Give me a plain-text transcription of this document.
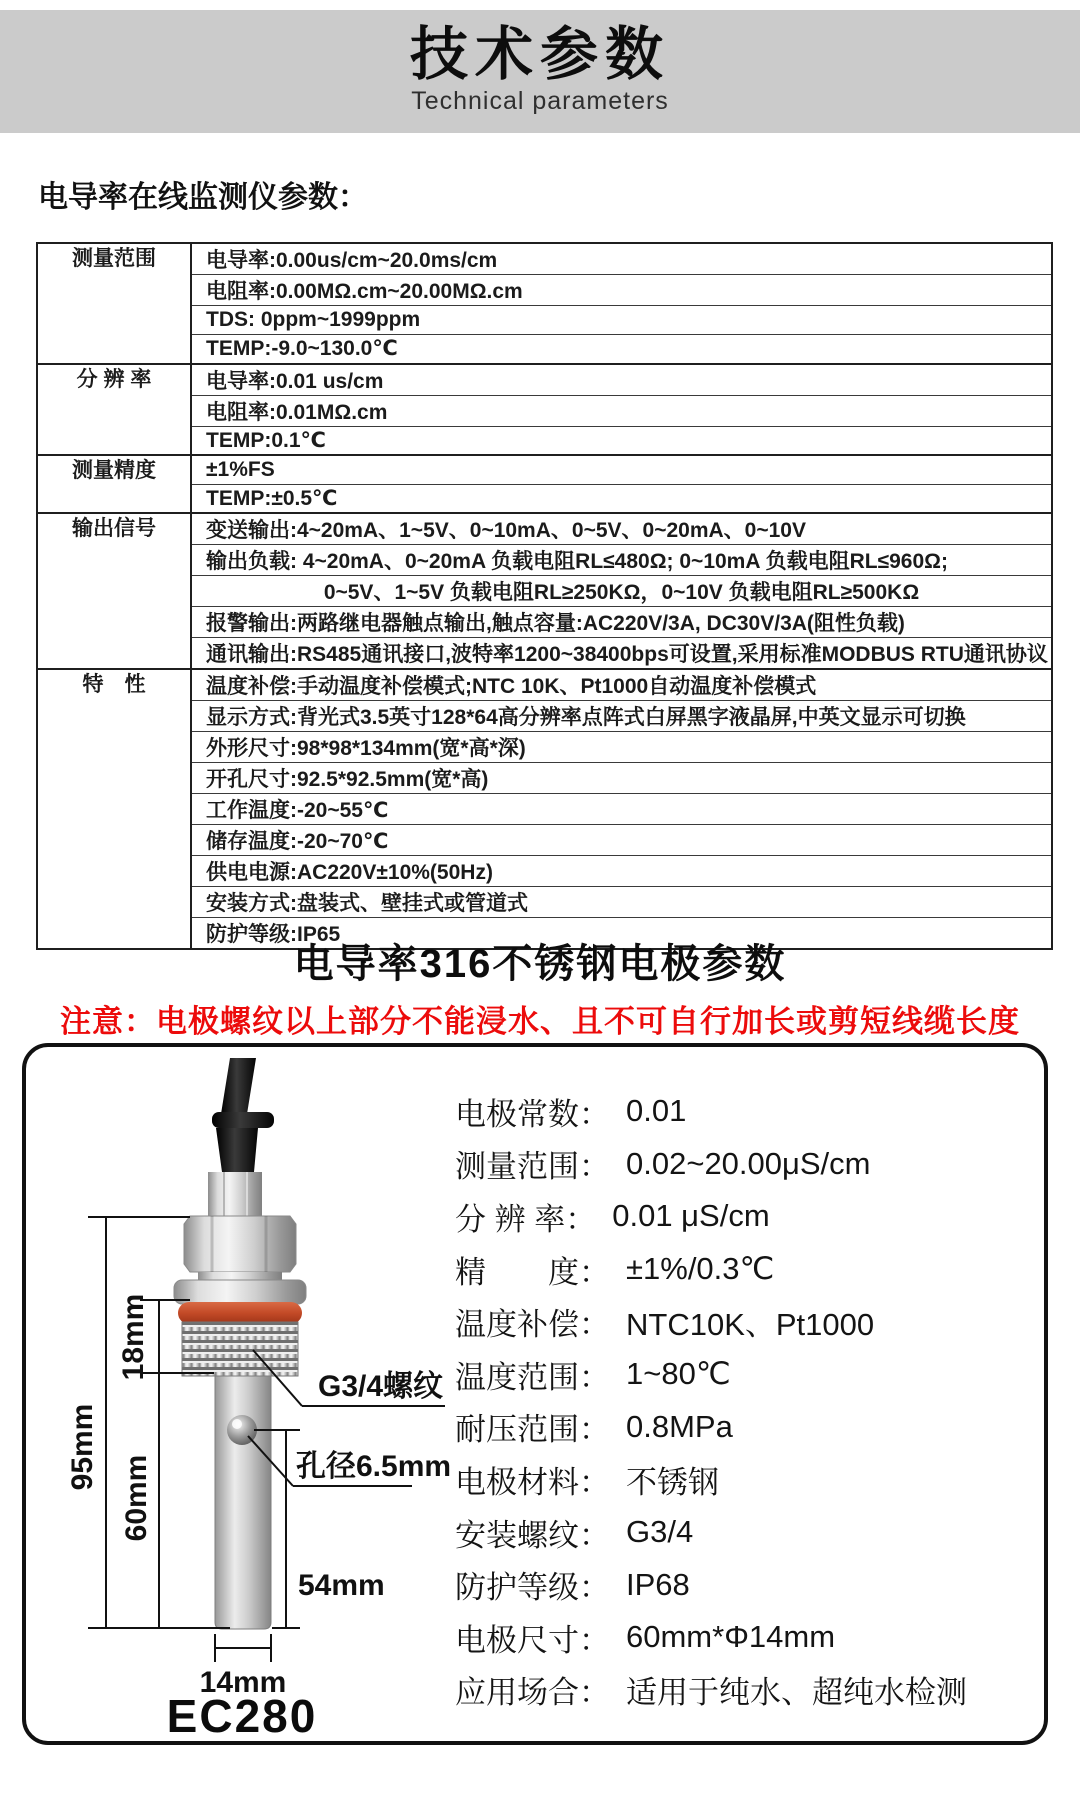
技术参数
Technical parameters
电导率在线监测仪参数：
测量范围	电导率:0.00us/cm~20.0ms/cm
	电阻率:0.00MΩ.cm~20.00MΩ.cm
	TDS: 0ppm~1999ppm
	TEMP:-9.0~130.0℃
分 辨 率	电导率:0.01 us/cm
	电阻率:0.01MΩ.cm
	TEMP:0.1℃
测量精度	±1%FS
	TEMP:±0.5℃
输出信号	变送输出:4~20mA、1~5V、0~10mA、0~5V、0~20mA、0~10V
	输出负载: 4~20mA、0~20mA 负载电阻RL≤480Ω; 0~10mA 负载电阻RL≤960Ω;
	0~5V、1~5V 负载电阻RL≥250KΩ，0~10V 负载电阻RL≥500KΩ
	报警输出:两路继电器触点输出,触点容量:AC220V/3A, DC30V/3A(阻性负载)
	通讯输出:RS485通讯接口,波特率1200~38400bps可设置,采用标准MODBUS RTU通讯协议
特　性	温度补偿:手动温度补偿模式;NTC 10K、Pt1000自动温度补偿模式
	显示方式:背光式3.5英寸128*64高分辨率点阵式白屏黑字液晶屏,中英文显示可切换
	外形尺寸:98*98*134mm(宽*高*深)
	开孔尺寸:92.5*92.5mm(宽*高)
	工作温度:-20~55℃
	储存温度:-20~70℃
	供电电源:AC220V±10%(50Hz)
	安装方式:盘装式、壁挂式或管道式
	防护等级:IP65
电导率316不锈钢电极参数
注意：电极螺纹以上部分不能浸水、且不可自行加长或剪短线缆长度
95mm
18mm
60mm
54mm
14mm
G3/4螺纹
孔径6.5mm
EC280
电极常数： 0.01
测量范围： 0.02~20.00μS/cm
分 辨 率： 0.01 μS/cm
精　　度： ±1%/0.3℃
温度补偿： NTC10K、Pt1000
温度范围： 1~80℃
耐压范围： 0.8MPa
电极材料： 不锈钢
安装螺纹： G3/4
防护等级： IP68
电极尺寸： 60mm*Φ14mm
应用场合： 适用于纯水、超纯水检测
